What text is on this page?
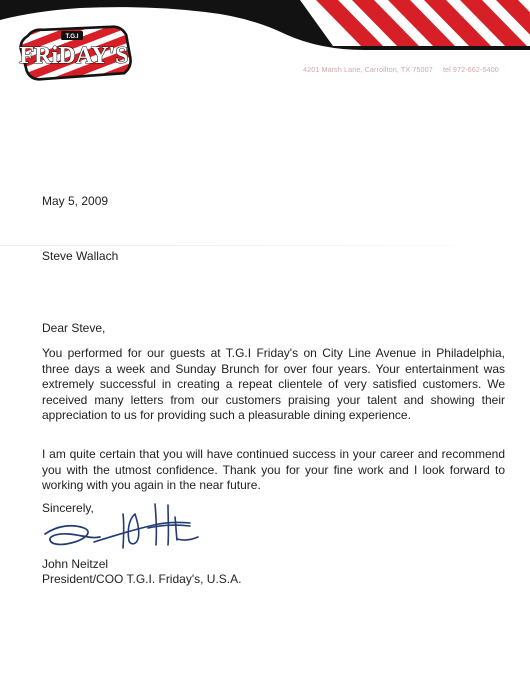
T.G.I
FRiDAY'S
4201 Marsh Lane, Carrollton, TX 75007 tel 972-662-5400
May 5, 2009
Steve Wallach
Dear Steve,
You performed for our guests at T.G.I Friday's on City Line Avenue in Philadelphia, three days a week and Sunday Brunch for over four years. Your entertainment was extremely successful in creating a repeat clientele of very satisfied customers. We received many letters from our customers praising your talent and showing their appreciation to us for providing such a pleasurable dining experience.
I am quite certain that you will have continued success in your career and recommend you with the utmost confidence. Thank you for your fine work and I look forward to working with you again in the near future.
Sincerely,
John Neitzel
President/COO T.G.I. Friday's, U.S.A.
